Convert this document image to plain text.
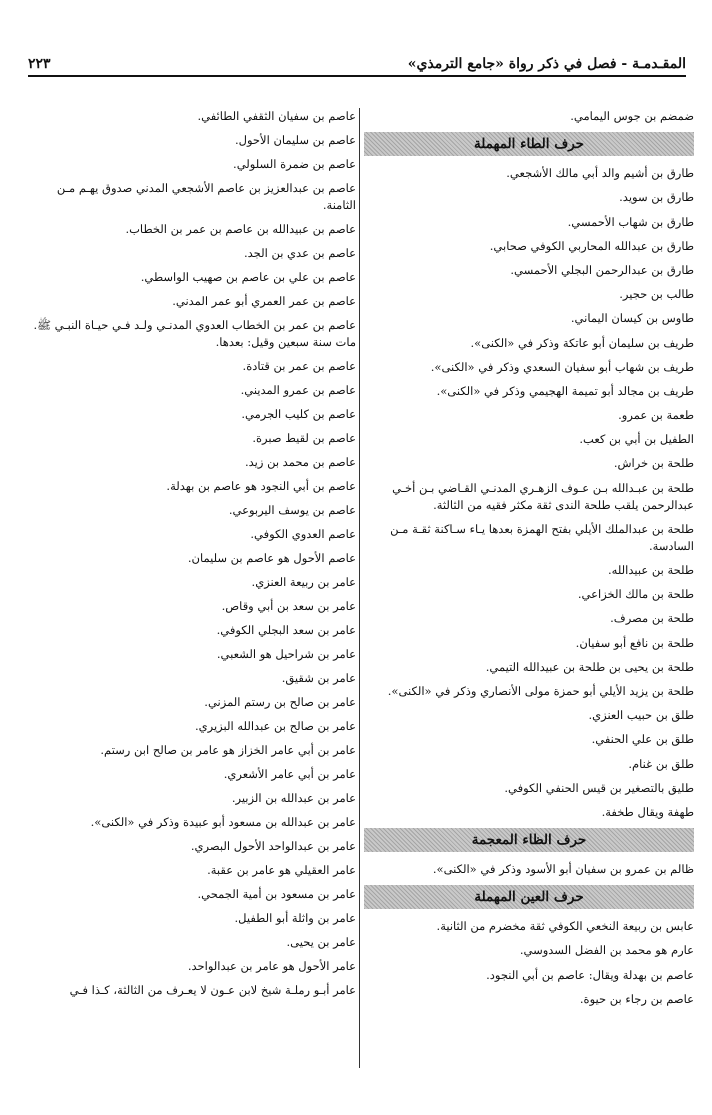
٢٢٣	المقـدمـة - فصل في ذكر رواة «جامع الترمذي»
ضمضم بن جوس اليمامي.
حرف الطاء المهملة
طارق بن أشيم والد أبي مالك الأشجعي.
طارق بن سويد.
طارق بن شهاب الأحمسي.
طارق بن عبدالله المحاربي الكوفي صحابي.
طارق بن عبدالرحمن البجلي الأحمسي.
طالب بن حجير.
طاوس بن كيسان اليماني.
طريف بن سليمان أبو عاتكة وذكر في «الكنى».
طريف بن شهاب أبو سفيان السعدي وذكر في «الكنى».
طريف بن مجالد أبو تميمة الهجيمي وذكر في «الكنى».
طعمة بن عمرو.
الطفيل بن أبي بن كعب.
طلحة بن خراش.
طلحة بن عبـدالله بـن عـوف الزهـري المدنـي القـاضي بـن أخـي عبدالرحمن يلقب طلحة الندى ثقة مكثر فقيه من الثالثة.
طلحة بن عبدالملك الأيلي بفتح الهمزة بعدها يـاء سـاكنة ثقـة مـن السادسة.
طلحة بن عبيدالله.
طلحة بن مالك الخزاعي.
طلحة بن مصرف.
طلحة بن نافع أبو سفيان.
طلحة بن يحيى بن طلحة بن عبيدالله التيمي.
طلحة بن يزيد الأيلي أبو حمزة مولى الأنصاري وذكر في «الكنى».
طلق بن حبيب العنزي.
طلق بن علي الحنفي.
طلق بن غنام.
طليق بالتصغير بن قيس الحنفي الكوفي.
طهفة ويقال طخفة.
حرف الظاء المعجمة
ظالم بن عمرو بن سفيان أبو الأسود وذكر في «الكنى».
حرف العين المهملة
عابس بن ربيعة النخعي الكوفي ثقة مخضرم من الثانية.
عارم هو محمد بن الفضل السدوسي.
عاصم بن بهدلة ويقال: عاصم بن أبي النجود.
عاصم بن رجاء بن حيوة.
عاصم بن سفيان الثقفي الطائفي.
عاصم بن سليمان الأحول.
عاصم بن ضمرة السلولي.
عاصم بن عبدالعزيز بن عاصم الأشجعي المدني صدوق يهـم مـن الثامنة.
عاصم بن عبيدالله بن عاصم بن عمر بن الخطاب.
عاصم بن عدي بن الجد.
عاصم بن علي بن عاصم بن صهيب الواسطي.
عاصم بن عمر العمري أبو عمر المدني.
عاصم بن عمر بن الخطاب العدوي المدنـي ولـد فـي حيـاة النبـي ﷺ. مات سنة سبعين وقيل: بعدها.
عاصم بن عمر بن قتادة.
عاصم بن عمرو المديني.
عاصم بن كليب الجرمي.
عاصم بن لقيط صبرة.
عاصم بن محمد بن زيد.
عاصم بن أبي النجود هو عاصم بن بهدلة.
عاصم بن يوسف اليربوعي.
عاصم العدوي الكوفي.
عاصم الأحول هو عاصم بن سليمان.
عامر بن ربيعة العنزي.
عامر بن سعد بن أبي وقاص.
عامر بن سعد البجلي الكوفي.
عامر بن شراحيل هو الشعبي.
عامر بن شقيق.
عامر بن صالح بن رستم المزني.
عامر بن صالح بن عبدالله البزيري.
عامر بن أبي عامر الخزاز هو عامر بن صالح ابن رستم.
عامر بن أبي عامر الأشعري.
عامر بن عبدالله بن الزبير.
عامر بن عبدالله بن مسعود أبو عبيدة وذكر في «الكنى».
عامر بن عبدالواحد الأحول البصري.
عامر العقيلي هو عامر بن عقبة.
عامر بن مسعود بن أمية الجمحي.
عامر بن واثلة أبو الطفيل.
عامر بن يحيى.
عامر الأحول هو عامر بن عبدالواحد.
عامر أبـو رملـة شيخ لابن عـون لا يعـرف من الثالثة، كـذا فـي
